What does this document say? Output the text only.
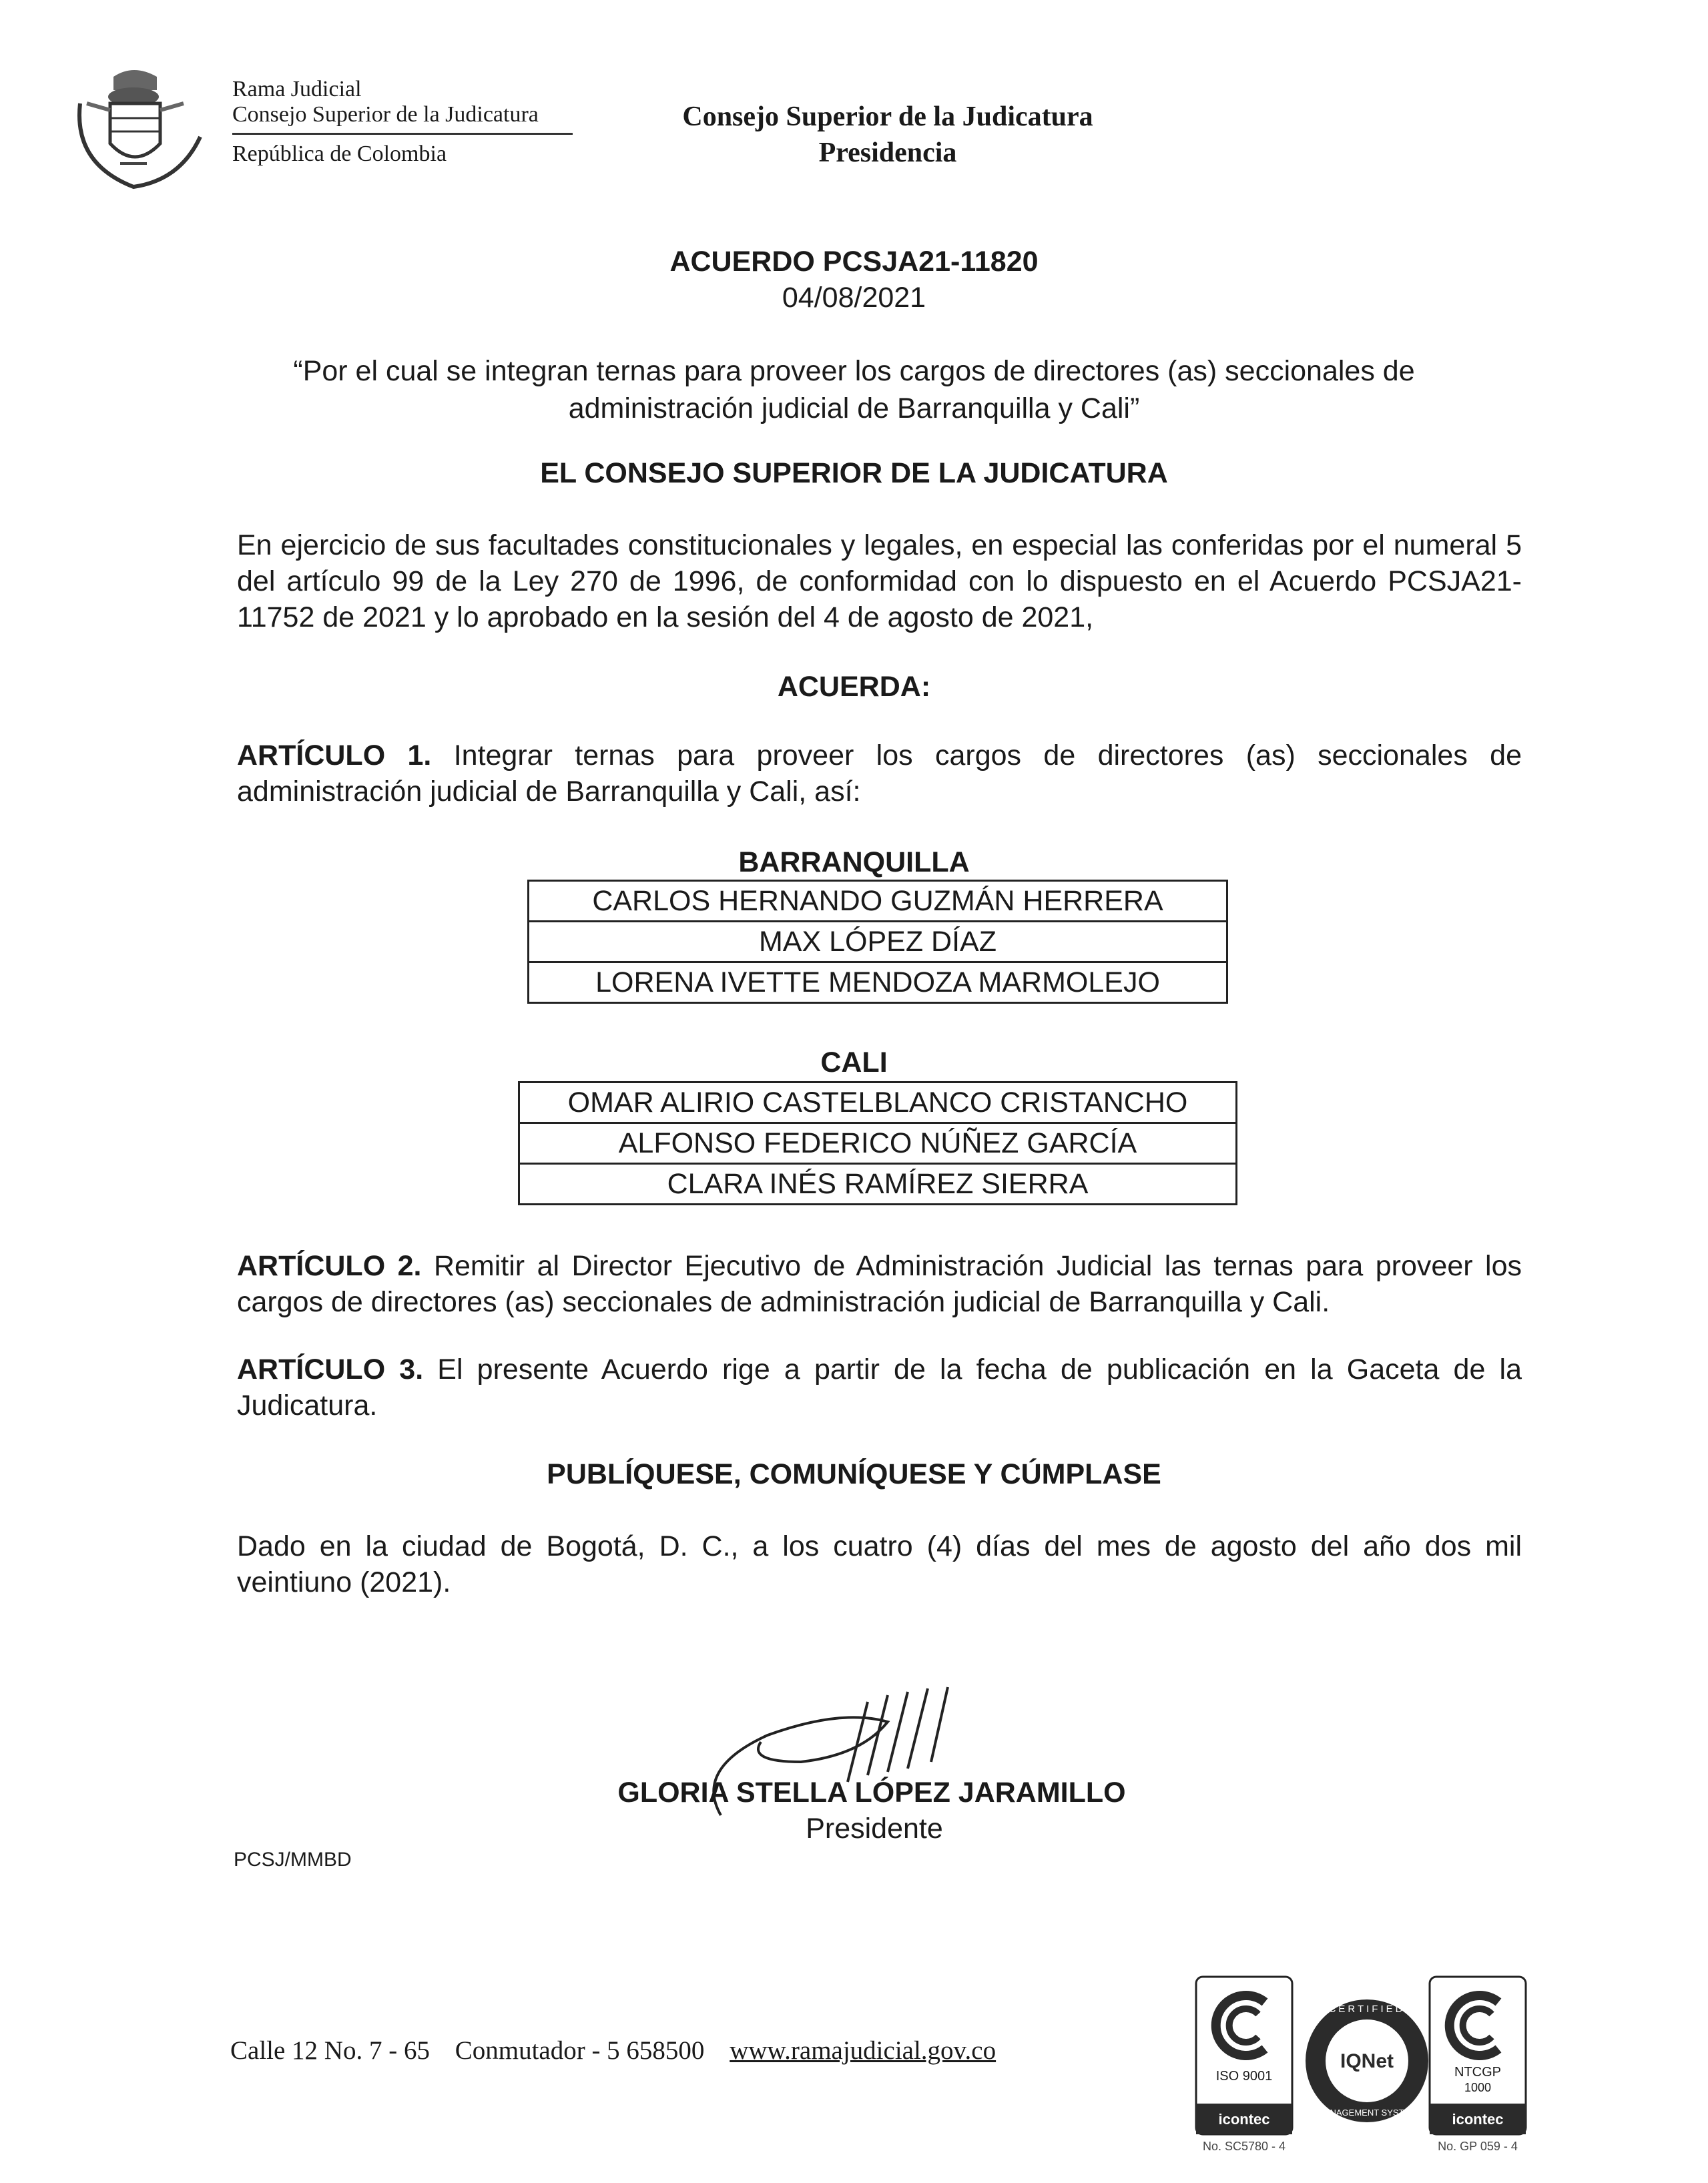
Rama Judicial
Consejo Superior de la Judicatura
República de Colombia
Consejo Superior de la Judicatura
Presidencia
ACUERDO PCSJA21-11820
04/08/2021
“Por el cual se integran ternas para proveer los cargos de directores (as) seccionales de
administración judicial de Barranquilla y Cali”
EL CONSEJO SUPERIOR DE LA JUDICATURA
En ejercicio de sus facultades constitucionales y legales, en especial las conferidas por el numeral 5 del artículo 99 de la Ley 270 de 1996, de conformidad con lo dispuesto en el Acuerdo PCSJA21-11752 de 2021 y lo aprobado en la sesión del 4 de agosto de 2021,
ACUERDA:
ARTÍCULO 1. Integrar ternas para proveer los cargos de directores (as) seccionales de administración judicial de Barranquilla y Cali, así:
BARRANQUILLA
CARLOS HERNANDO GUZMÁN HERRERA
MAX LÓPEZ DÍAZ
LORENA IVETTE MENDOZA MARMOLEJO
CALI
OMAR ALIRIO CASTELBLANCO CRISTANCHO
ALFONSO FEDERICO NÚÑEZ GARCÍA
CLARA INÉS RAMÍREZ SIERRA
ARTÍCULO 2. Remitir al Director Ejecutivo de Administración Judicial las ternas para proveer los cargos de directores (as) seccionales de administración judicial de Barranquilla y Cali.
ARTÍCULO 3. El presente Acuerdo rige a partir de la fecha de publicación en la Gaceta de la Judicatura.
PUBLÍQUESE, COMUNÍQUESE Y CÚMPLASE
Dado en la ciudad de Bogotá, D. C., a los cuatro (4) días del mes de agosto del año dos mil veintiuno (2021).
GLORIA STELLA LÓPEZ JARAMILLO
Presidente
PCSJ/MMBD
Calle 12 No. 7 - 65 Conmutador - 5 658500 www.ramajudicial.gov.co
ISO 9001
icontec
No. SC5780 - 4
CERTIFIED
IQNet
MANAGEMENT SYSTEM
NTCGP
1000
icontec
No. GP 059 - 4
